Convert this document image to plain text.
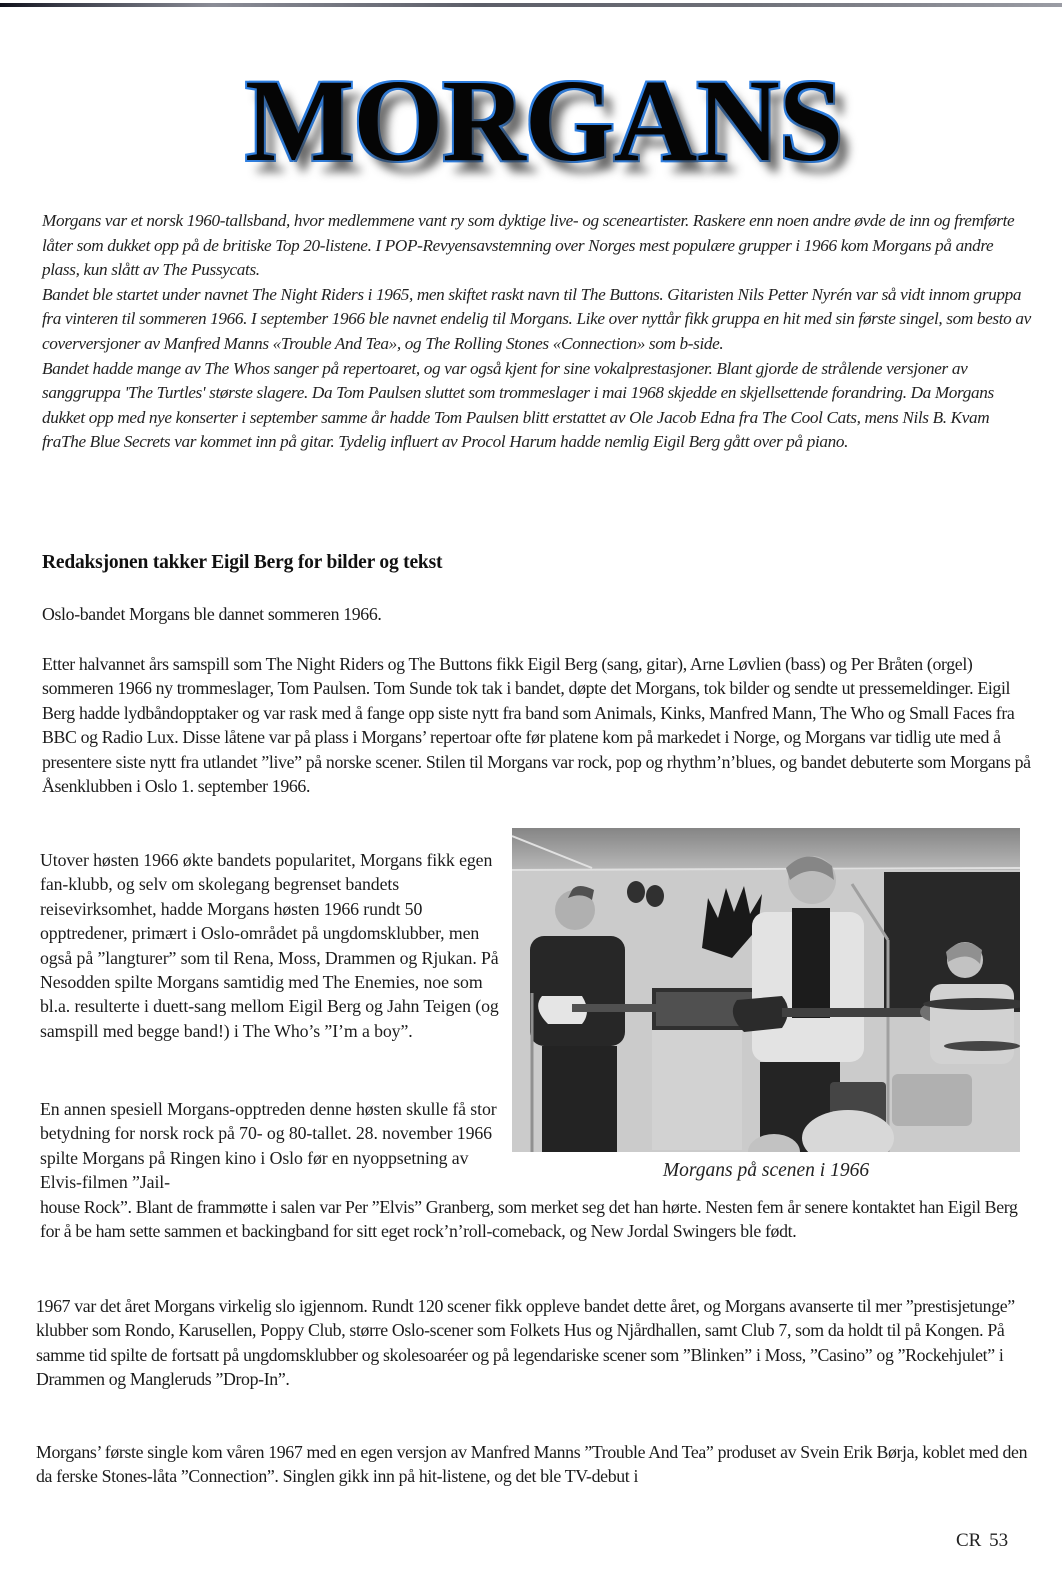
MORGANS

Morgans var et norsk 1960-tallsband, hvor medlemmene vant ry som dyktige live- og sceneartister. Raskere enn noen andre øvde de inn og fremførte låter som dukket opp på de britiske Top 20-listene. I POP-Revyensavstemning over Norges mest populære grupper i 1966 kom Morgans på andre plass, kun slått av The Pussycats.

Bandet ble startet under navnet The Night Riders i 1965, men skiftet raskt navn til The Buttons. Gitaristen Nils Petter Nyrén var så vidt innom gruppa fra vinteren til sommeren 1966. I september 1966 ble navnet endelig til Morgans. Like over nyttår fikk gruppa en hit med sin første singel, som besto av coverversjoner av Manfred Manns «Trouble And Tea», og The Rolling Stones «Connection» som b-side.

Bandet hadde mange av The Whos sanger på repertoaret, og var også kjent for sine vokalprestasjoner. Blant gjorde de strålende versjoner av sanggruppa 'The Turtles' største slagere. Da Tom Paulsen sluttet som trommeslager i mai 1968 skjedde en skjellsettende forandring. Da Morgans dukket opp med nye konserter i september samme år hadde Tom Paulsen blitt erstattet av Ole Jacob Edna fra The Cool Cats, mens Nils B. Kvam fraThe Blue Secrets var kommet inn på gitar. Tydelig influert av Procol Harum hadde nemlig Eigil Berg gått over på piano.

Redaksjonen takker Eigil Berg for bilder og tekst

Oslo-bandet Morgans ble dannet sommeren 1966.

Etter halvannet års samspill som The Night Riders og The Buttons fikk Eigil Berg (sang, gitar), Arne Løvlien (bass) og Per Bråten (orgel) sommeren 1966 ny trommeslager, Tom Paulsen. Tom Sunde tok tak i bandet, døpte det Morgans, tok bilder og sendte ut pressemeldinger. Eigil Berg hadde lydbåndopptaker og var rask med å fange opp siste nytt fra band som Animals, Kinks, Manfred Mann, The Who og Small Faces fra BBC og Radio Lux. Disse låtene var på plass i Morgans’ repertoar ofte før platene kom på markedet i Norge, og Morgans var tidlig ute med å presentere siste nytt fra utlandet ”live” på norske scener. Stilen til Morgans var rock, pop og rhythm’n’blues, og bandet debuterte som Morgans på Åsenklubben i Oslo 1. september 1966.

Utover høsten 1966 økte bandets popularitet, Morgans fikk egen fan-klubb, og selv om skolegang begrenset bandets reisevirksomhet, hadde Morgans høsten 1966 rundt 50 opptredener, primært i Oslo-området på ungdomsklubber, men også på ”langturer” som til Rena, Moss, Drammen og Rjukan. På Nesodden spilte Morgans samtidig med The Enemies, noe som bl.a. resulterte i duett-sang mellom Eigil Berg og Jahn Teigen (og samspill med begge band!) i The Who’s ”I’m a boy”.

En annen spesiell Morgans-opptreden denne høsten skulle få stor betydning for norsk rock på 70- og 80-tallet. 28. november 1966 spilte Morgans på Ringen kino i Oslo før en nyoppsetning av Elvis-filmen ”Jail-

house Rock”. Blant de frammøtte i salen var Per ”Elvis” Granberg, som merket seg det han hørte. Nesten fem år senere kontaktet han Eigil Berg for å be ham sette sammen et backingband for sitt eget rock’n’roll-comeback, og New Jordal Swingers ble født.

1967 var det året Morgans virkelig slo igjennom. Rundt 120 scener fikk oppleve bandet dette året, og Morgans avanserte til mer ”prestisjetunge” klubber som Rondo, Karusellen, Poppy Club, større Oslo-scener som Folkets Hus og Njårdhallen, samt Club 7, som da holdt til på Kongen. På samme tid spilte de fortsatt på ungdomsklubber og skolesoaréer og på legendariske scener som ”Blinken” i Moss, ”Casino” og ”Rockehjulet” i Drammen og Mangleruds ”Drop-In”.

Morgans’ første single kom våren 1967 med en egen versjon av Manfred Manns ”Trouble And Tea” produset av Svein Erik Børja, koblet med den da ferske Stones-låta ”Connection”. Singlen gikk inn på hit-listene, og det ble TV-debut i

Morgans på scenen i 1966
CR 53
